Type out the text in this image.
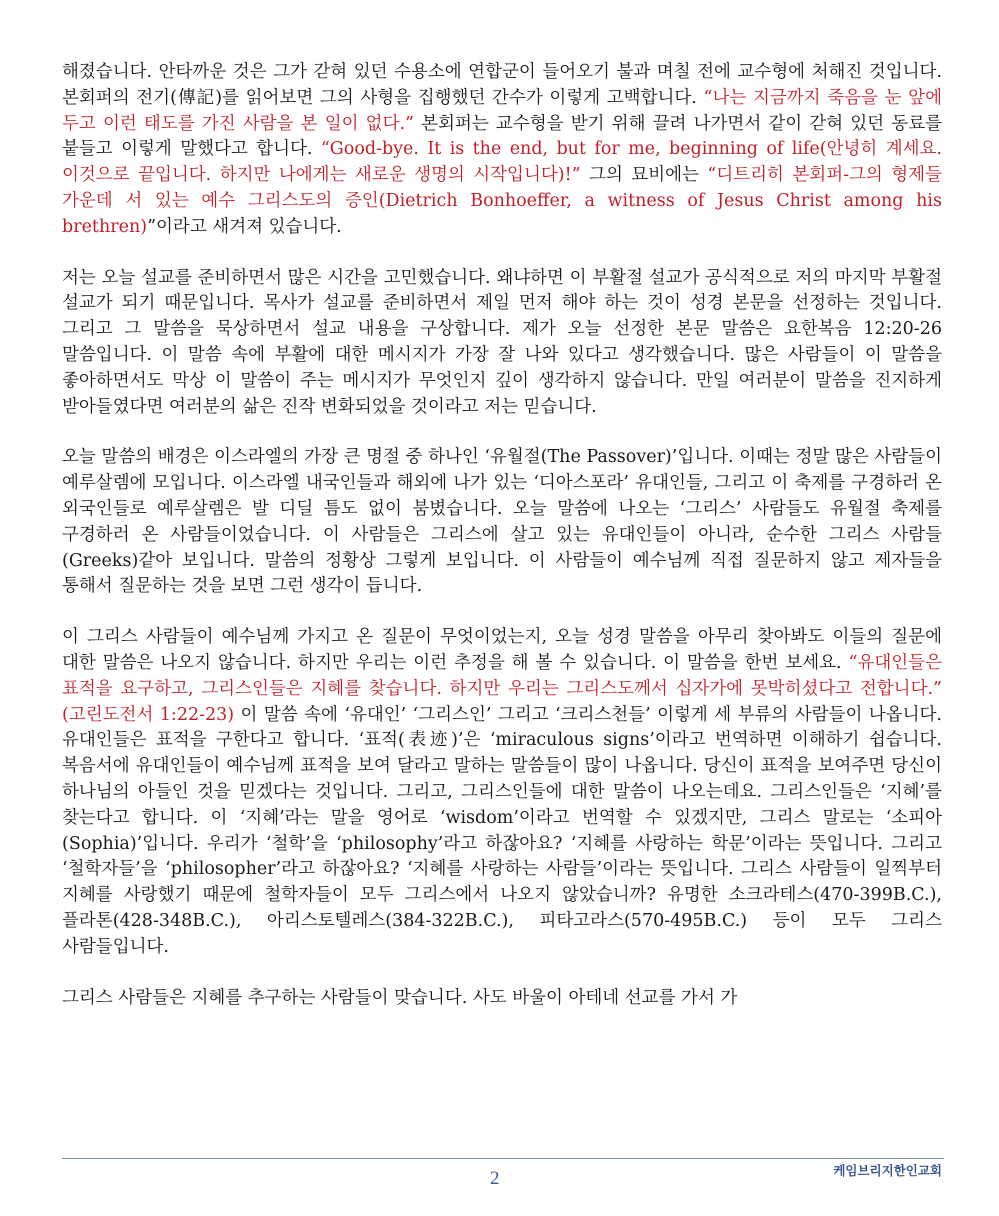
해졌습니다. 안타까운 것은 그가 갇혀 있던 수용소에 연합군이 들어오기 불과 며칠 전에 교수형에 처해진 것입니다. 본회퍼의 전기(傳記)를 읽어보면 그의 사형을 집행했던 간수가 이렇게 고백합니다. “나는 지금까지 죽음을 눈 앞에 두고 이런 태도를 가진 사람을 본 일이 없다.” 본회퍼는 교수형을 받기 위해 끌려 나가면서 같이 갇혀 있던 동료를 붙들고 이렇게 말했다고 합니다. “Good-bye. It is the end, but for me, beginning of life(안녕히 계세요. 이것으로 끝입니다. 하지만 나에게는 새로운 생명의 시작입니다)!” 그의 묘비에는 “디트리히 본회퍼-그의 형제들 가운데 서 있는 예수 그리스도의 증인(Dietrich Bonhoeffer, a witness of Jesus Christ among his brethren)”이라고 새겨져 있습니다.

저는 오늘 설교를 준비하면서 많은 시간을 고민했습니다. 왜냐하면 이 부활절 설교가 공식적으로 저의 마지막 부활절 설교가 되기 때문입니다. 목사가 설교를 준비하면서 제일 먼저 해야 하는 것이 성경 본문을 선정하는 것입니다. 그리고 그 말씀을 묵상하면서 설교 내용을 구상합니다. 제가 오늘 선정한 본문 말씀은 요한복음 12:20-26 말씀입니다. 이 말씀 속에 부활에 대한 메시지가 가장 잘 나와 있다고 생각했습니다. 많은 사람들이 이 말씀을 좋아하면서도 막상 이 말씀이 주는 메시지가 무엇인지 깊이 생각하지 않습니다. 만일 여러분이 말씀을 진지하게 받아들였다면 여러분의 삶은 진작 변화되었을 것이라고 저는 믿습니다.

오늘 말씀의 배경은 이스라엘의 가장 큰 명절 중 하나인 ‘유월절(The Passover)’입니다. 이때는 정말 많은 사람들이 예루살렘에 모입니다. 이스라엘 내국인들과 해외에 나가 있는 ‘디아스포라’ 유대인들, 그리고 이 축제를 구경하러 온 외국인들로 예루살렘은 발 디딜 틈도 없이 붐볐습니다. 오늘 말씀에 나오는 ‘그리스’ 사람들도 유월절 축제를 구경하러 온 사람들이었습니다. 이 사람들은 그리스에 살고 있는 유대인들이 아니라, 순수한 그리스 사람들(Greeks)같아 보입니다. 말씀의 정황상 그렇게 보입니다. 이 사람들이 예수님께 직접 질문하지 않고 제자들을 통해서 질문하는 것을 보면 그런 생각이 듭니다.

이 그리스 사람들이 예수님께 가지고 온 질문이 무엇이었는지, 오늘 성경 말씀을 아무리 찾아봐도 이들의 질문에 대한 말씀은 나오지 않습니다. 하지만 우리는 이런 추정을 해 볼 수 있습니다. 이 말씀을 한번 보세요. “유대인들은 표적을 요구하고, 그리스인들은 지혜를 찾습니다. 하지만 우리는 그리스도께서 십자가에 못박히셨다고 전합니다.” (고린도전서 1:22-23) 이 말씀 속에 ‘유대인’ ‘그리스인’ 그리고 ‘크리스천들’ 이렇게 세 부류의 사람들이 나옵니다. 유대인들은 표적을 구한다고 합니다. ‘표적(表迹)’은 ‘miraculous signs’이라고 번역하면 이해하기 쉽습니다. 복음서에 유대인들이 예수님께 표적을 보여 달라고 말하는 말씀들이 많이 나옵니다. 당신이 표적을 보여주면 당신이 하나님의 아들인 것을 믿겠다는 것입니다. 그리고, 그리스인들에 대한 말씀이 나오는데요. 그리스인들은 ‘지혜’를 찾는다고 합니다. 이 ‘지혜’라는 말을 영어로 ‘wisdom’이라고 번역할 수 있겠지만, 그리스 말로는 ‘소피아(Sophia)’입니다. 우리가 ‘철학’을 ‘philosophy’라고 하잖아요? ‘지혜를 사랑하는 학문’이라는 뜻입니다. 그리고 ‘철학자들’을 ‘philosopher’라고 하잖아요? ‘지혜를 사랑하는 사람들’이라는 뜻입니다. 그리스 사람들이 일찍부터 지혜를 사랑했기 때문에 철학자들이 모두 그리스에서 나오지 않았습니까? 유명한 소크라테스(470-399B.C.), 플라톤(428-348B.C.), 아리스토텔레스(384-322B.C.), 피타고라스(570-495B.C.) 등이 모두 그리스 사람들입니다.

그리스 사람들은 지혜를 추구하는 사람들이 맞습니다. 사도 바울이 아테네 선교를 가서 가

2	케임브리지한인교회
